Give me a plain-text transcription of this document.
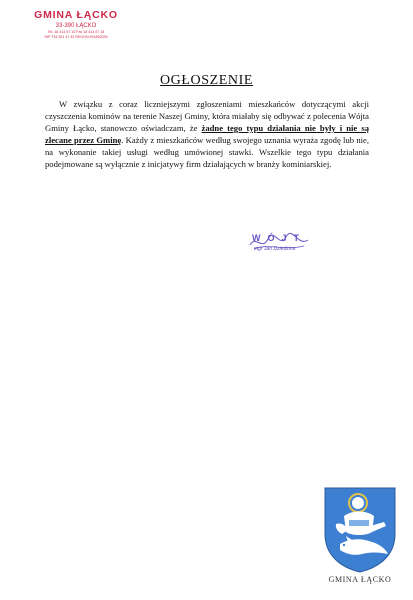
GMINA ŁĄCKO
33-390 ŁĄCKO
Tel. 18 414 07 10 Fax 18 414 07 18
NIP 734 351 47 42 REGON 491892028
OGŁOSZENIE

W związku z coraz liczniejszymi zgłoszeniami mieszkańców dotyczącymi akcji czyszczenia kominów na terenie Naszej Gminy, która miałaby się odbywać z polecenia Wójta Gminy Łącko, stanowczo oświadczam, że żadne tego typu działania nie były i nie są zlecane przez Gminę. Każdy z mieszkańców według swojego uznania wyraża zgodę lub nie, na wykonanie takiej usługi według umówionej stawki. Wszelkie tego typu działania podejmowane są wyłącznie z inicjatywy firm działających w branży kominiarskiej.

WÓJT
mgr Jan Dziedzina
GMINA ŁĄCKO
